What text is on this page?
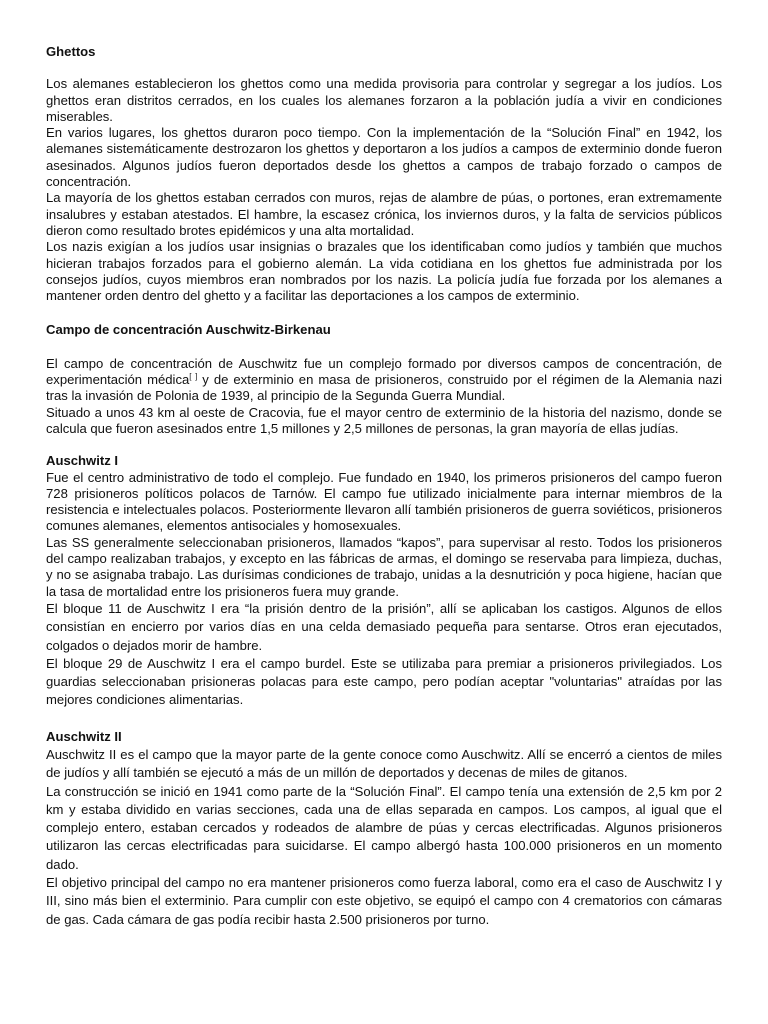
Ghettos

Los alemanes establecieron los ghettos como una medida provisoria para controlar y segregar a los judíos. Los ghettos eran distritos cerrados, en los cuales los alemanes forzaron a la población judía a vivir en condiciones miserables.

En varios lugares, los ghettos duraron poco tiempo. Con la implementación de la “Solución Final” en 1942, los alemanes sistemáticamente destrozaron los ghettos y deportaron a los judíos a campos de exterminio donde fueron asesinados. Algunos judíos fueron deportados desde los ghettos a campos de trabajo forzado o campos de concentración.

La mayoría de los ghettos estaban cerrados con muros, rejas de alambre de púas, o portones, eran extremamente insalubres y estaban atestados. El hambre, la escasez crónica, los inviernos duros, y la falta de servicios públicos dieron como resultado brotes epidémicos y una alta mortalidad.

Los nazis exigían a los judíos usar insignias o brazales que los identificaban como judíos y también que muchos hicieran trabajos forzados para el gobierno alemán. La vida cotidiana en los ghettos fue administrada por los consejos judíos, cuyos miembros eran nombrados por los nazis. La policía judía fue forzada por los alemanes a mantener orden dentro del ghetto y a facilitar las deportaciones a los campos de exterminio.

Campo de concentración Auschwitz-Birkenau

El campo de concentración de Auschwitz fue un complejo formado por diversos campos de concentración, de experimentación médica[ ] y de exterminio en masa de prisioneros, construido por el régimen de la Alemania nazi tras la invasión de Polonia de 1939, al principio de la Segunda Guerra Mundial.

Situado a unos 43 km al oeste de Cracovia, fue el mayor centro de exterminio de la historia del nazismo, donde se calcula que fueron asesinados entre 1,5 millones y 2,5 millones de personas, la gran mayoría de ellas judías.

Auschwitz I

Fue el centro administrativo de todo el complejo. Fue fundado en 1940, los primeros prisioneros del campo fueron 728 prisioneros políticos polacos de Tarnów. El campo fue utilizado inicialmente para internar miembros de la resistencia e intelectuales polacos. Posteriormente llevaron allí también prisioneros de guerra soviéticos, prisioneros comunes alemanes, elementos antisociales y homosexuales.

Las SS generalmente seleccionaban prisioneros, llamados “kapos”, para supervisar al resto. Todos los prisioneros del campo realizaban trabajos, y excepto en las fábricas de armas, el domingo se reservaba para limpieza, duchas, y no se asignaba trabajo. Las durísimas condiciones de trabajo, unidas a la desnutrición y poca higiene, hacían que la tasa de mortalidad entre los prisioneros fuera muy grande.

El bloque 11 de Auschwitz I era “la prisión dentro de la prisión”, allí se aplicaban los castigos. Algunos de ellos consistían en encierro por varios días en una celda demasiado pequeña para sentarse. Otros eran ejecutados, colgados o dejados morir de hambre.

El bloque 29 de Auschwitz I era el campo burdel. Este se utilizaba para premiar a prisioneros privilegiados. Los guardias seleccionaban prisioneras polacas para este campo, pero podían aceptar "voluntarias" atraídas por las mejores condiciones alimentarias.

Auschwitz II

Auschwitz II es el campo que la mayor parte de la gente conoce como Auschwitz. Allí se encerró a cientos de miles de judíos y allí también se ejecutó a más de un millón de deportados y decenas de miles de gitanos.

La construcción se inició en 1941 como parte de la “Solución Final”. El campo tenía una extensión de 2,5 km por 2 km y estaba dividido en varias secciones, cada una de ellas separada en campos. Los campos, al igual que el complejo entero, estaban cercados y rodeados de alambre de púas y cercas electrificadas. Algunos prisioneros utilizaron las cercas electrificadas para suicidarse. El campo albergó hasta 100.000 prisioneros en un momento dado.

El objetivo principal del campo no era mantener prisioneros como fuerza laboral, como era el caso de Auschwitz I y III, sino más bien el exterminio. Para cumplir con este objetivo, se equipó el campo con 4 crematorios con cámaras de gas. Cada cámara de gas podía recibir hasta 2.500 prisioneros por turno.
